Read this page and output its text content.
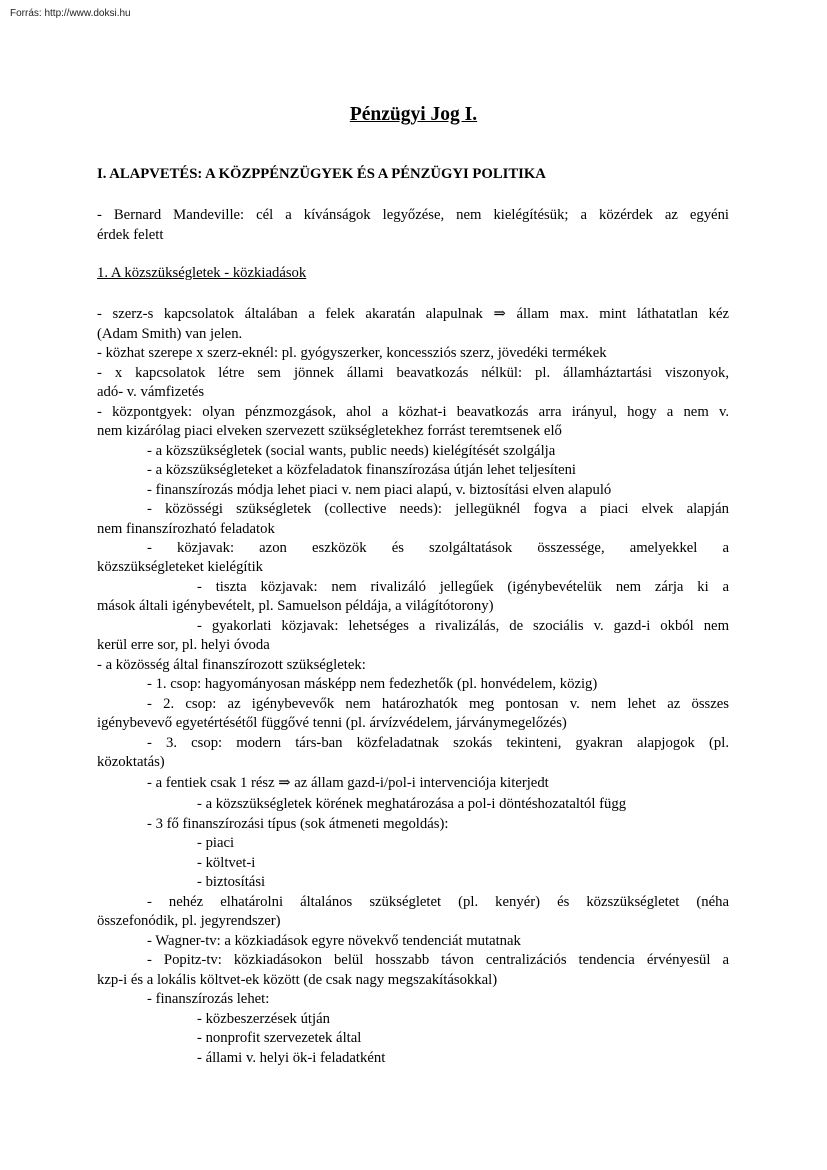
Forrás: http://www.doksi.hu
Pénzügyi Jog I.
I. ALAPVETÉS: A KÖZPPÉNZÜGYEK ÉS A PÉNZÜGYI POLITIKA
- Bernard Mandeville: cél a kívánságok legyőzése, nem kielégítésük; a közérdek az egyéni
érdek felett
1. A közszükségletek - közkiadások
- szerz-s kapcsolatok általában a felek akaratán alapulnak ⇒ állam max. mint láthatatlan kéz
(Adam Smith) van jelen.
- közhat szerepe x szerz-eknél: pl. gyógyszerker, koncessziós szerz, jövedéki termékek
- x kapcsolatok létre sem jönnek állami beavatkozás nélkül: pl. államháztartási viszonyok,
adó- v. vámfizetés
- központgyek: olyan pénzmozgások, ahol a közhat-i beavatkozás arra irányul, hogy a nem v.
nem kizárólag piaci elveken szervezett szükségletekhez forrást teremtsenek elő
- a közszükségletek (social wants, public needs) kielégítését szolgálja
- a közszükségleteket a közfeladatok finanszírozása útján lehet teljesíteni
- finanszírozás módja lehet piaci v. nem piaci alapú, v. biztosítási elven alapuló
- közösségi szükségletek (collective needs): jellegüknél fogva a piaci elvek alapján
nem finanszírozható feladatok
- közjavak: azon eszközök és szolgáltatások összessége, amelyekkel a
közszükségleteket kielégítik
- tiszta közjavak: nem rivalizáló jellegűek (igénybevételük nem zárja ki a
mások általi igénybevételt, pl. Samuelson példája, a világítótorony)
- gyakorlati közjavak: lehetséges a rivalizálás, de szociális v. gazd-i okból nem
kerül erre sor, pl. helyi óvoda
- a közösség által finanszírozott szükségletek:
- 1. csop: hagyományosan másképp nem fedezhetők (pl. honvédelem, közig)
- 2. csop: az igénybevevők nem határozhatók meg pontosan v. nem lehet az összes
igénybevevő egyetértésétől függővé tenni (pl. árvízvédelem, járványmegelőzés)
- 3. csop: modern társ-ban közfeladatnak szokás tekinteni, gyakran alapjogok (pl.
közoktatás)
- a fentiek csak 1 rész ⇒ az állam gazd-i/pol-i intervenciója kiterjedt
- a közszükségletek körének meghatározása a pol-i döntéshozataltól függ
- 3 fő finanszírozási típus (sok átmeneti megoldás):
- piaci
- költvet-i
- biztosítási
- nehéz elhatárolni általános szükségletet (pl. kenyér) és közszükségletet (néha
összefonódik, pl. jegyrendszer)
- Wagner-tv: a közkiadások egyre növekvő tendenciát mutatnak
- Popitz-tv: közkiadásokon belül hosszabb távon centralizációs tendencia érvényesül a
kzp-i és a lokális költvet-ek között (de csak nagy megszakításokkal)
- finanszírozás lehet:
- közbeszerzések útján
- nonprofit szervezetek által
- állami v. helyi ök-i feladatként
